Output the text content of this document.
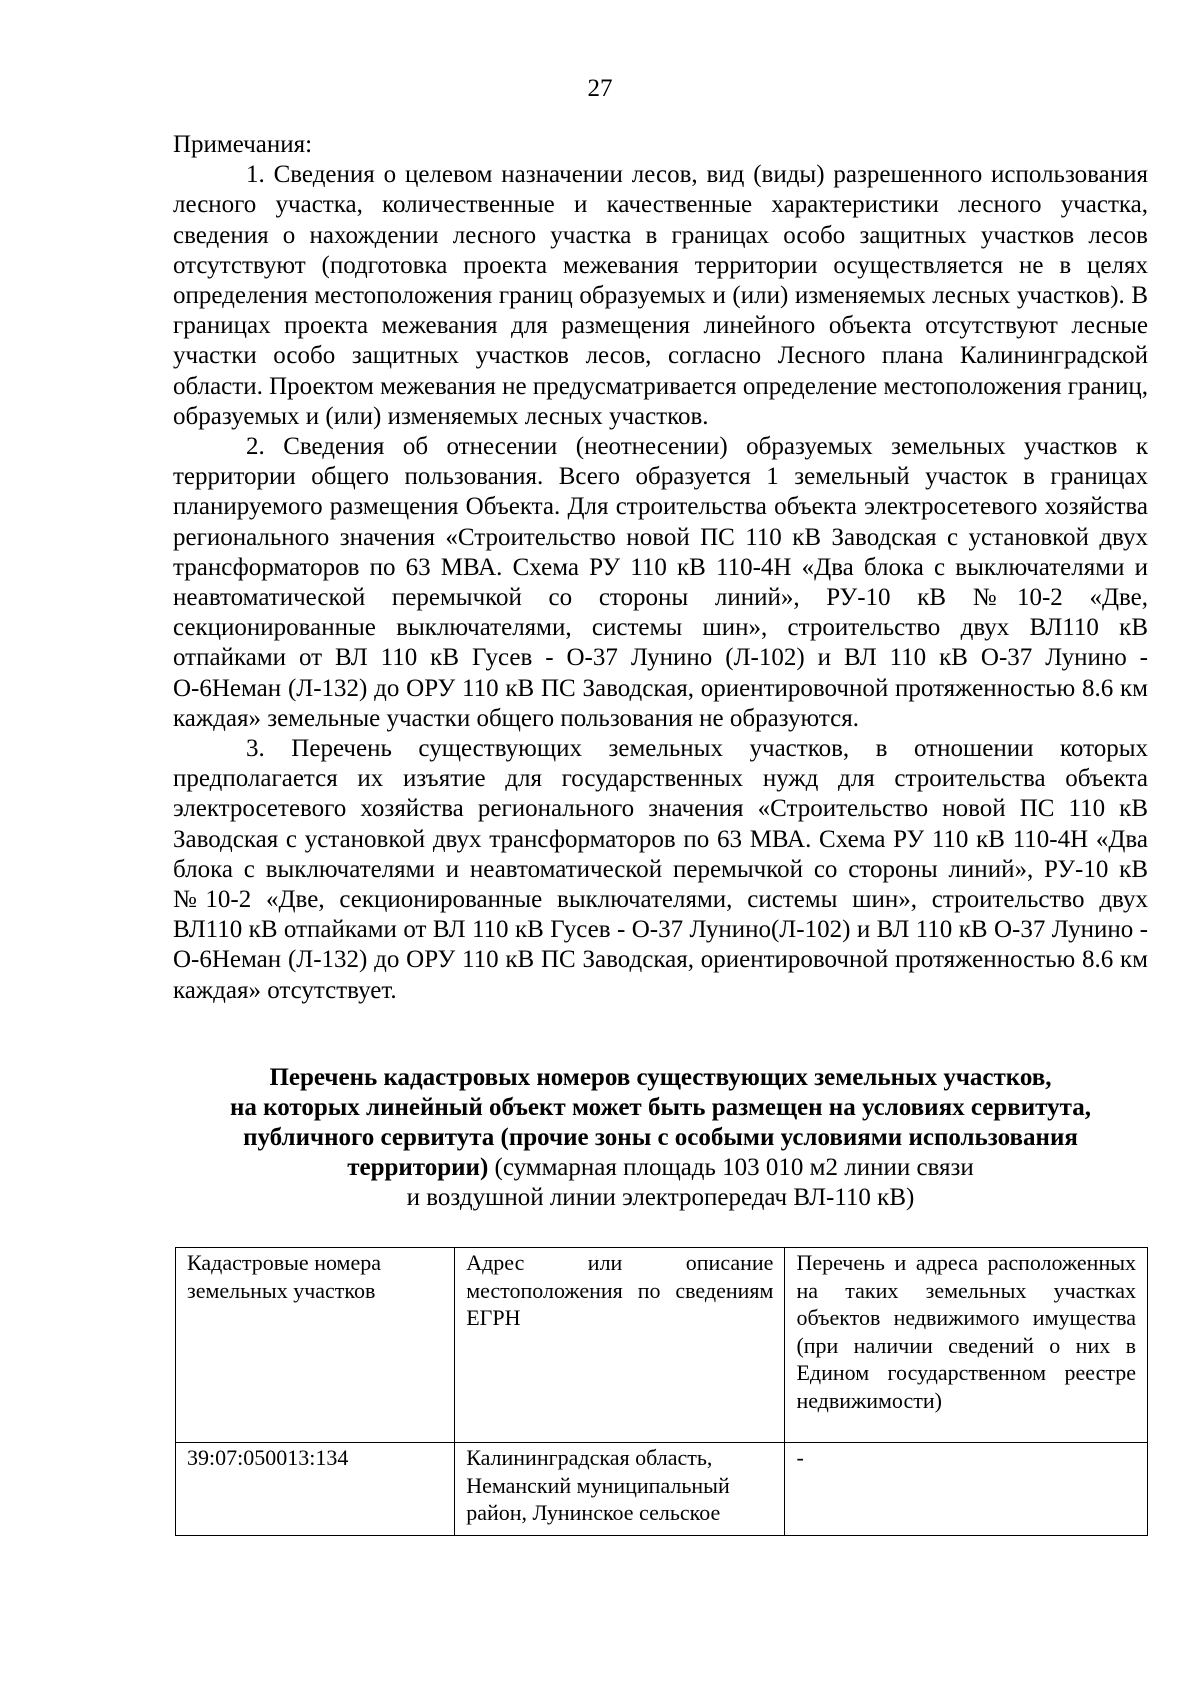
27

Примечания:

1. Сведения о целевом назначении лесов, вид (виды) разрешенного использования лесного участка, количественные и качественные характеристики лесного участка, сведения о нахождении лесного участка в границах особо защитных участков лесов отсутствуют (подготовка проекта межевания территории осуществляется не в целях определения местоположения границ образуемых и (или) изменяемых лесных участков). В границах проекта межевания для размещения линейного объекта отсутствуют лесные участки особо защитных участков лесов, согласно Лесного плана Калининградской области. Проектом межевания не предусматривается определение местоположения границ, образуемых и (или) изменяемых лесных участков.

2. Сведения об отнесении (неотнесении) образуемых земельных участков к территории общего пользования. Всего образуется 1 земельный участок в границах планируемого размещения Объекта. Для строительства объекта электросетевого хозяйства регионального значения «Строительство новой ПС 110 кВ Заводская с установкой двух трансформаторов по 63 МВА. Схема РУ 110 кВ 110-4Н «Два блока с выключателями и неавтоматической перемычкой со стороны линий», РУ-10 кВ №10-2 «Две, секционированные выключателями, системы шин», строительство двух ВЛ110 кВ отпайками от ВЛ 110 кВ Гусев - О-37 Лунино (Л-102) и ВЛ 110 кВ О-37 Лунино - О-6Неман (Л-132) до ОРУ 110 кВ ПС Заводская, ориентировочной протяженностью 8.6 км каждая» земельные участки общего пользования не образуются.

3. Перечень существующих земельных участков, в отношении которых предполагается их изъятие для государственных нужд для строительства объекта электросетевого хозяйства регионального значения «Строительство новой ПС 110 кВ Заводская с установкой двух трансформаторов по 63 МВА. Схема РУ 110 кВ 110-4Н «Два блока с выключателями и неавтоматической перемычкой со стороны линий», РУ-10 кВ №10-2 «Две, секционированные выключателями, системы шин», строительство двух ВЛ110 кВ отпайками от ВЛ 110 кВ Гусев - О-37 Лунино(Л-102) и ВЛ 110 кВ О-37 Лунино - О-6Неман (Л-132) до ОРУ 110 кВ ПС Заводская, ориентировочной протяженностью 8.6 км каждая» отсутствует.

Перечень кадастровых номеров существующих земельных участков,
на которых линейный объект может быть размещен на условиях сервитута,
публичного сервитута (прочие зоны с особыми условиями использования
территории) (суммарная площадь 103 010 м2 линии связи
и воздушной линии электропередач ВЛ-110 кВ)
Кадастровые номера земельных участков	Адрес или описание местоположения по сведениям ЕГРН	Перечень и адреса расположенных на таких земельных участках объектов недвижимого имущества (при наличии сведений о них в Едином государственном реестре недвижимости)
39:07:050013:134	Калининградская область, Неманский муниципальный район, Лунинское сельское	-
